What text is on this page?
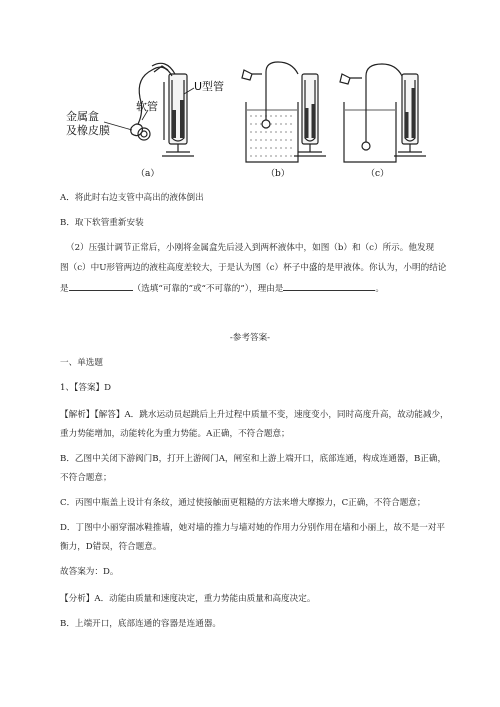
金属盒
及橡皮膜
软管
U型管
（a）	（b）	（c）
A．将此时右边支管中高出的液体倒出
B．取下软管重新安装
（2）压强计调节正常后，小刚将金属盒先后浸入到两杯液体中，如图（b）和（c）所示。他发现
图（c）中U形管两边的液柱高度差较大，于是认为图（c）杯子中盛的是甲液体。你认为，小明的结论
是	（选填“可靠的”或“不可靠的”），理由是	。
-参考答案-
一、单选题
1、【答案】D
【解析】【解答】A．跳水运动员起跳后上升过程中质量不变，速度变小，同时高度升高，故动能减少，
重力势能增加，动能转化为重力势能。A正确，不符合题意；
B．乙图中关闭下游阀门B，打开上游阀门A，闸室和上游上端开口，底部连通，构成连通器，B正确，
不符合题意；
C．丙图中瓶盖上设计有条纹，通过使接触面更粗糙的方法来增大摩擦力，C正确，不符合题意；
D．丁图中小丽穿溜冰鞋推墙，她对墙的推力与墙对她的作用力分别作用在墙和小丽上，故不是一对平
衡力，D错误，符合题意。
故答案为：D。
【分析】A．动能由质量和速度决定，重力势能由质量和高度决定。
B．上端开口，底部连通的容器是连通器。
